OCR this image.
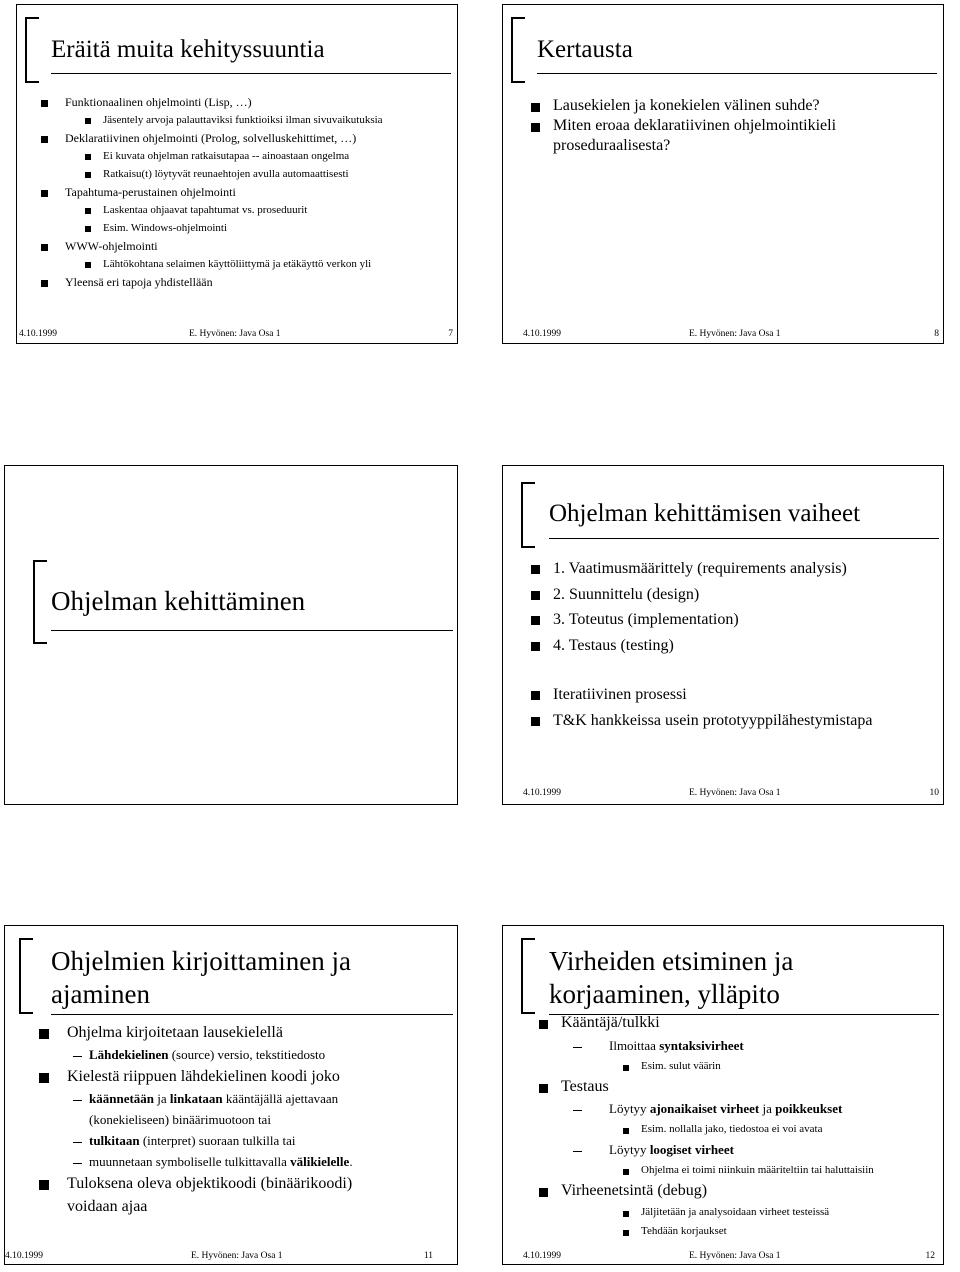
Eräitä muita kehityssuuntia
Funktionaalinen ohjelmointi (Lisp, …)
Jäsentely arvoja palauttaviksi funktioiksi ilman sivuvaikutuksia
Deklaratiivinen ohjelmointi (Prolog, solvelluskehittimet, …)
Ei kuvata ohjelman ratkaisutapaa -- ainoastaan ongelma
Ratkaisu(t) löytyvät reunaehtojen avulla automaattisesti
Tapahtuma-perustainen ohjelmointi
Laskentaa ohjaavat tapahtumat vs. proseduurit
Esim. Windows-ohjelmointi
WWW-ohjelmointi
Lähtökohtana selaimen käyttöliittymä ja etäkäyttö verkon yli
Yleensä eri tapoja yhdistellään
4.10.1999	E. Hyvönen: Java Osa 1	7
Kertausta
Lausekielen ja konekielen välinen suhde?
Miten eroaa deklaratiivinen ohjelmointikieli
proseduraalisesta?
4.10.1999	E. Hyvönen: Java Osa 1	8
Ohjelman kehittäminen
Ohjelman kehittämisen vaiheet
1. Vaatimusmäärittely (requirements analysis)
2. Suunnittelu (design)
3. Toteutus (implementation)
4. Testaus (testing)
Iteratiivinen prosessi
T&K hankkeissa usein prototyyppilähestymistapa
4.10.1999	E. Hyvönen: Java Osa 1	10
Ohjelmien kirjoittaminen ja
ajaminen
Ohjelma kirjoitetaan lausekielellä
Lähdekielinen (source) versio, tekstitiedosto
Kielestä riippuen lähdekielinen koodi joko
käännetään ja linkataan kääntäjällä ajettavaan
(konekieliseen) binäärimuotoon tai
tulkitaan (interpret) suoraan tulkilla tai
muunnetaan symboliselle tulkittavalla välikielelle.
Tuloksena oleva objektikoodi (binäärikoodi)
voidaan ajaa
4.10.1999	E. Hyvönen: Java Osa 1	11
Virheiden etsiminen ja
korjaaminen, ylläpito
Kääntäjä/tulkki
Ilmoittaa syntaksivirheet
Esim. sulut väärin
Testaus
Löytyy ajonaikaiset virheet ja poikkeukset
Esim. nollalla jako, tiedostoa ei voi avata
Löytyy loogiset virheet
Ohjelma ei toimi niinkuin määriteltiin tai haluttaisiin
Virheenetsintä (debug)
Jäljitetään ja analysoidaan virheet testeissä
Tehdään korjaukset
4.10.1999	E. Hyvönen: Java Osa 1	12
